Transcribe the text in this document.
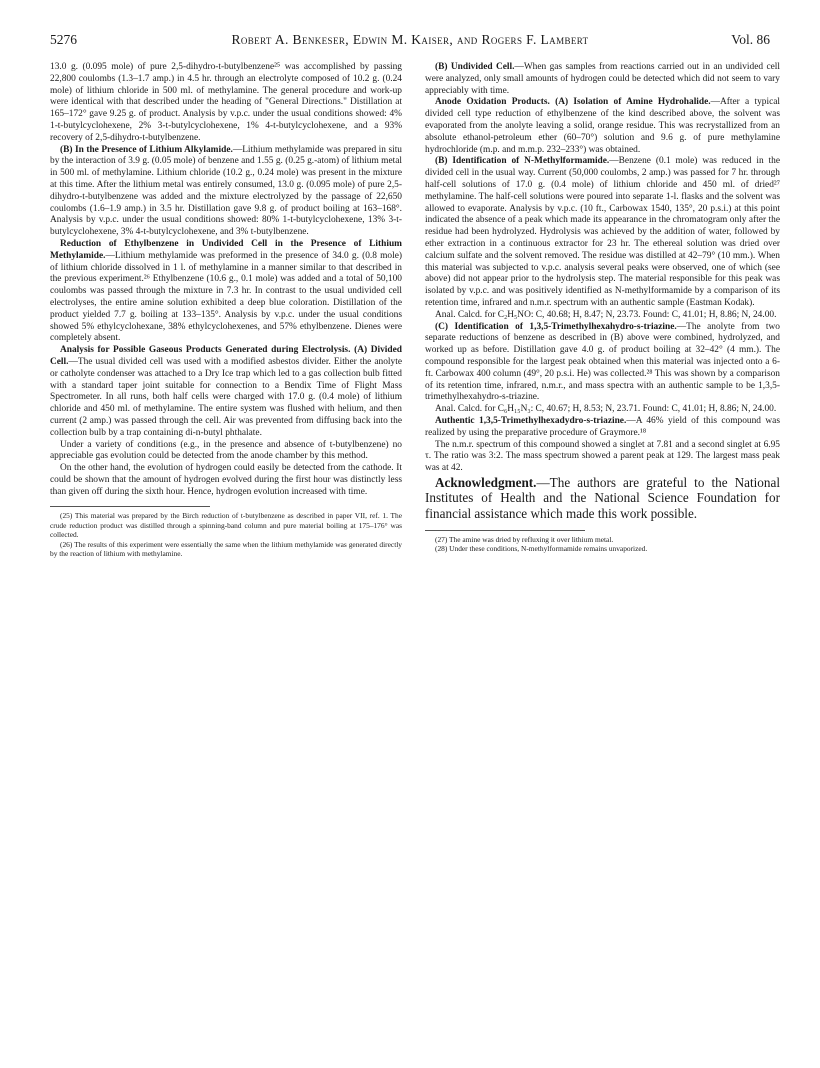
5276	Robert A. Benkeser, Edwin M. Kaiser, and Rogers F. Lambert	Vol. 86

13.0 g. (0.095 mole) of pure 2,5-dihydro-t-butylbenzene²⁵ was accomplished by passing 22,800 coulombs (1.3–1.7 amp.) in 4.5 hr. through an electrolyte composed of 10.2 g. (0.24 mole) of lithium chloride in 500 ml. of methylamine. The general procedure and work-up were identical with that described under the heading of "General Directions." Distillation at 165–172° gave 9.25 g. of product. Analysis by v.p.c. under the usual conditions showed: 4% 1-t-butylcyclohexene, 2% 3-t-butylcyclohexene, 1% 4-t-butylcyclohexene, and a 93% recovery of 2,5-dihydro-t-butylbenzene.

(B) In the Presence of Lithium Alkylamide.—Lithium methylamide was prepared in situ by the interaction of 3.9 g. (0.05 mole) of benzene and 1.55 g. (0.25 g.-atom) of lithium metal in 500 ml. of methylamine. Lithium chloride (10.2 g., 0.24 mole) was present in the mixture at this time. After the lithium metal was entirely consumed, 13.0 g. (0.095 mole) of pure 2,5-dihydro-t-butylbenzene was added and the mixture electrolyzed by the passage of 22,650 coulombs (1.6–1.9 amp.) in 3.5 hr. Distillation gave 9.8 g. of product boiling at 163–168°. Analysis by v.p.c. under the usual conditions showed: 80% 1-t-butylcyclohexene, 13% 3-t-butylcyclohexene, 3% 4-t-butylcyclohexene, and 3% t-butylbenzene.

Reduction of Ethylbenzene in Undivided Cell in the Presence of Lithium Methylamide.—Lithium methylamide was preformed in the presence of 34.0 g. (0.8 mole) of lithium chloride dissolved in 1 l. of methylamine in a manner similar to that described in the previous experiment.²⁶ Ethylbenzene (10.6 g., 0.1 mole) was added and a total of 50,100 coulombs was passed through the mixture in 7.3 hr. In contrast to the usual undivided cell electrolyses, the entire amine solution exhibited a deep blue coloration. Distillation of the product yielded 7.7 g. boiling at 133–135°. Analysis by v.p.c. under the usual conditions showed 5% ethylcyclohexane, 38% ethylcyclohexenes, and 57% ethylbenzene. Dienes were completely absent.

Analysis for Possible Gaseous Products Generated during Electrolysis. (A) Divided Cell.—The usual divided cell was used with a modified asbestos divider. Either the anolyte or catholyte condenser was attached to a Dry Ice trap which led to a gas collection bulb fitted with a standard taper joint suitable for connection to a Bendix Time of Flight Mass Spectrometer. In all runs, both half cells were charged with 17.0 g. (0.4 mole) of lithium chloride and 450 ml. of methylamine. The entire system was flushed with helium, and then current (2 amp.) was passed through the cell. Air was prevented from diffusing back into the collection bulb by a trap containing di-n-butyl phthalate.

Under a variety of conditions (e.g., in the presence and absence of t-butylbenzene) no appreciable gas evolution could be detected from the anode chamber by this method.

On the other hand, the evolution of hydrogen could easily be detected from the cathode. It could be shown that the amount of hydrogen evolved during the first hour was distinctly less than given off during the sixth hour. Hence, hydrogen evolution increased with time.

(25) This material was prepared by the Birch reduction of t-butylbenzene as described in paper VII, ref. 1. The crude reduction product was distilled through a spinning-band column and pure material boiling at 175–176° was collected.

(26) The results of this experiment were essentially the same when the lithium methylamide was generated directly by the reaction of lithium with methylamine.

(B) Undivided Cell.—When gas samples from reactions carried out in an undivided cell were analyzed, only small amounts of hydrogen could be detected which did not seem to vary appreciably with time.

Anode Oxidation Products. (A) Isolation of Amine Hydrohalide.—After a typical divided cell type reduction of ethylbenzene of the kind described above, the solvent was evaporated from the anolyte leaving a solid, orange residue. This was recrystallized from an absolute ethanol-petroleum ether (60–70°) solution and 9.6 g. of pure methylamine hydrochloride (m.p. and m.m.p. 232–233°) was obtained.

(B) Identification of N-Methylformamide.—Benzene (0.1 mole) was reduced in the divided cell in the usual way. Current (50,000 coulombs, 2 amp.) was passed for 7 hr. through half-cell solutions of 17.0 g. (0.4 mole) of lithium chloride and 450 ml. of dried²⁷ methylamine. The half-cell solutions were poured into separate 1-l. flasks and the solvent was allowed to evaporate. Analysis by v.p.c. (10 ft., Carbowax 1540, 135°, 20 p.s.i.) at this point indicated the absence of a peak which made its appearance in the chromatogram only after the residue had been hydrolyzed. Hydrolysis was achieved by the addition of water, followed by ether extraction in a continuous extractor for 23 hr. The ethereal solution was dried over calcium sulfate and the solvent removed. The residue was distilled at 42–79° (10 mm.). When this material was subjected to v.p.c. analysis several peaks were observed, one of which (see above) did not appear prior to the hydrolysis step. The material responsible for this peak was isolated by v.p.c. and was positively identified as N-methylformamide by a comparison of its retention time, infrared and n.m.r. spectrum with an authentic sample (Eastman Kodak).

Anal. Calcd. for C₂H₅NO: C, 40.68; H, 8.47; N, 23.73. Found: C, 41.01; H, 8.86; N, 24.00.

(C) Identification of 1,3,5-Trimethylhexahydro-s-triazine.—The anolyte from two separate reductions of benzene as described in (B) above were combined, hydrolyzed, and worked up as before. Distillation gave 4.0 g. of product boiling at 32–42° (4 mm.). The compound responsible for the largest peak obtained when this material was injected onto a 6-ft. Carbowax 400 column (49°, 20 p.s.i. He) was collected.²⁸ This was shown by a comparison of its retention time, infrared, n.m.r., and mass spectra with an authentic sample to be 1,3,5-trimethylhexahydro-s-triazine.

Anal. Calcd. for C₆H₁₅N₃: C, 40.67; H, 8.53; N, 23.71. Found: C, 41.01; H, 8.86; N, 24.00.

Authentic 1,3,5-Trimethylhexadydro-s-triazine.—A 46% yield of this compound was realized by using the preparative procedure of Graymore.¹⁸

The n.m.r. spectrum of this compound showed a singlet at 7.81 and a second singlet at 6.95 τ. The ratio was 3:2. The mass spectrum showed a parent peak at 129. The largest mass peak was at 42.

Acknowledgment.—The authors are grateful to the National Institutes of Health and the National Science Foundation for financial assistance which made this work possible.

(27) The amine was dried by refluxing it over lithium metal.

(28) Under these conditions, N-methylformamide remains unvaporized.
